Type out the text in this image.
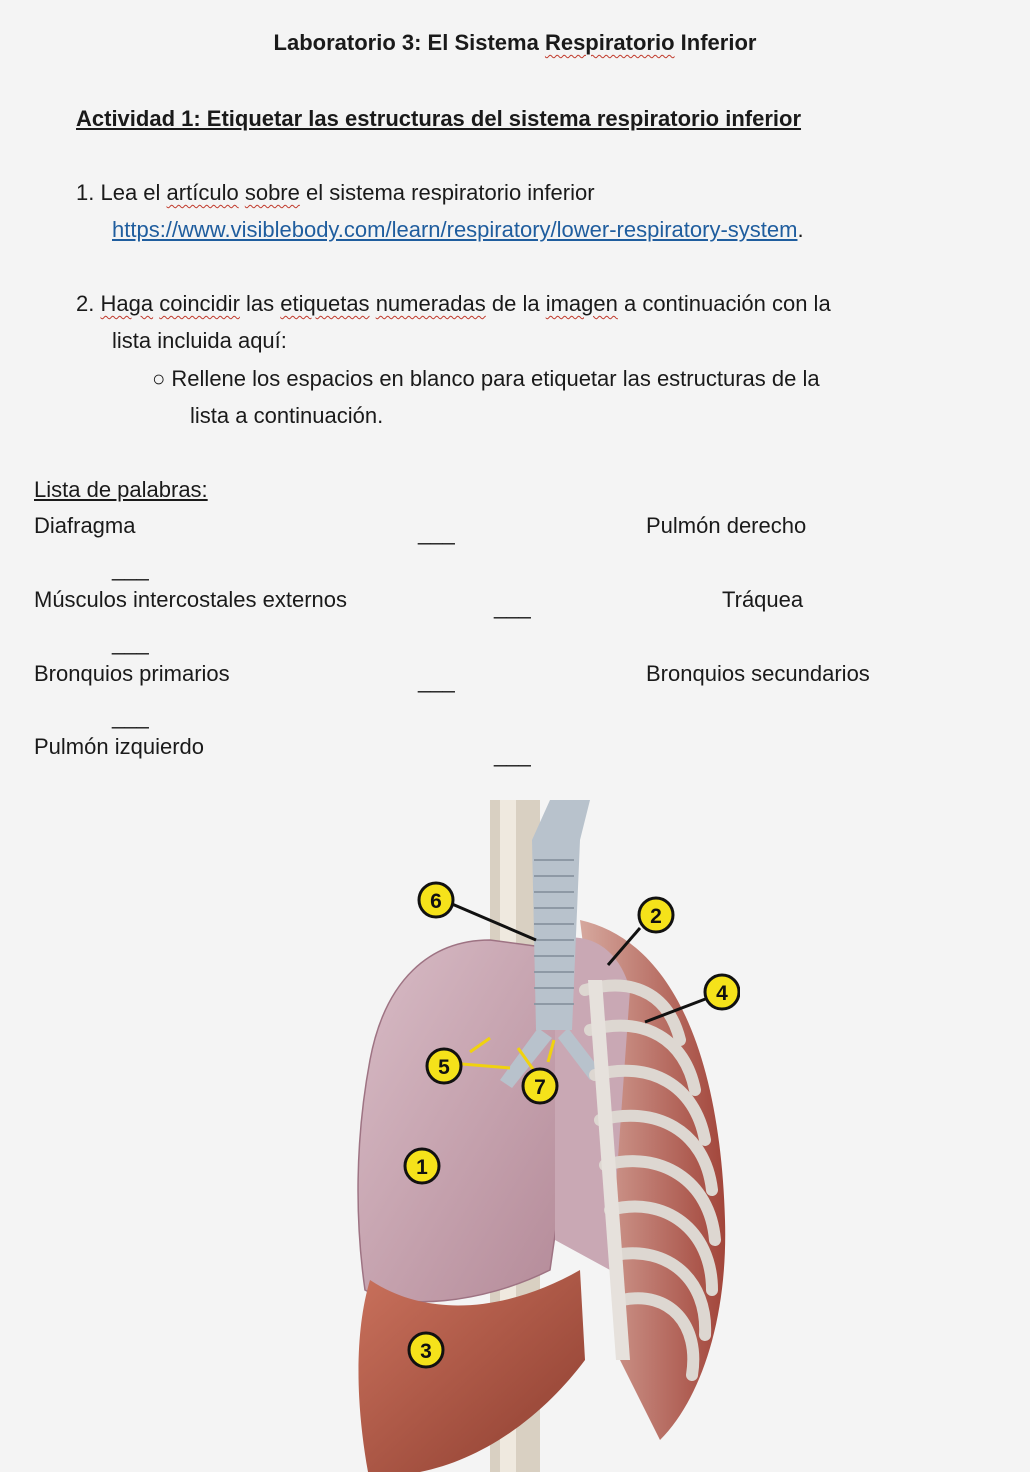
Laboratorio 3: El Sistema Respiratorio Inferior
Actividad 1: Etiquetar las estructuras del sistema respiratorio inferior
1. Lea el artículo sobre el sistema respiratorio inferior
https://www.visiblebody.com/learn/respiratory/lower-respiratory-system.
2. Haga coincidir las etiquetas numeradas de la imagen a continuación con la
lista incluida aquí:
○ Rellene los espacios en blanco para etiquetar las estructuras de la
lista a continuación.
Lista de palabras:
Diafragma	___	Pulmón derecho
___
Músculos intercostales externos	___	Tráquea
___
Bronquios primarios	___	Bronquios secundarios
___
Pulmón izquierdo	___
6
2
4
5
7
1
3
